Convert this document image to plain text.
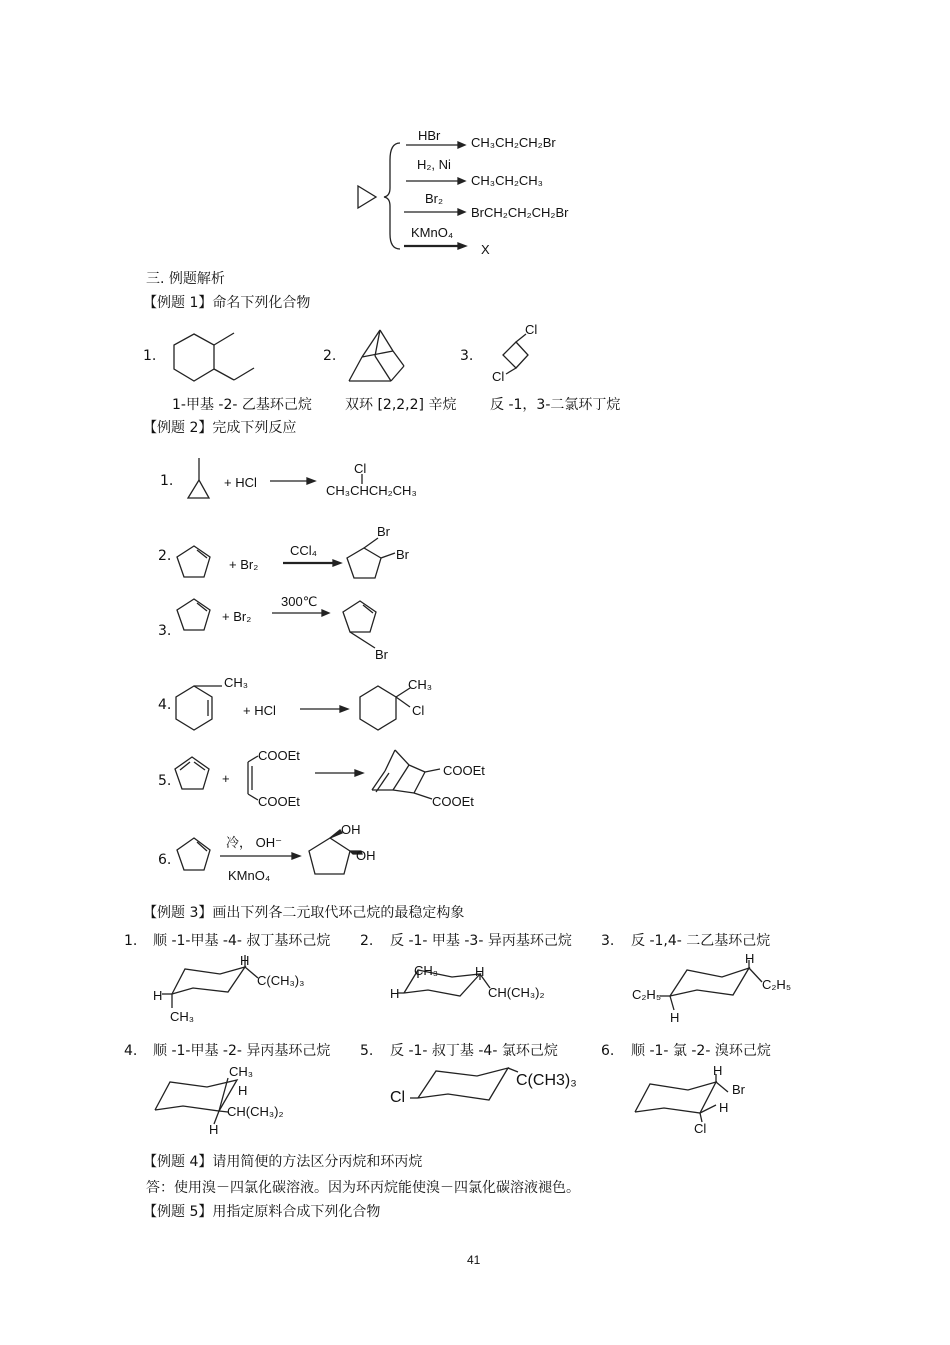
HBr CH₃CH₂CH₂Br
H₂, Ni
CH₃CH₂CH₃
Br₂
BrCH₂CH₂CH₂Br
KMnO₄
X
三. 例题解析
【例题 1】命名下列化合物
1.	2.	3.
Cl
Cl
1-甲基 -2- 乙基环己烷 双环 [2,2,2] 辛烷 反 -1，3-二氯环丁烷
【例题 2】完成下列反应
1.	+ HCl
Cl
CH₃CHCH₂CH₃
2.
+ Br₂
CCl₄
Br
Br
3.
+ Br₂
300℃
Br
4.
CH₃
+ HCl
CH₃
Cl
5.	+
COOEt
COOEt
COOEt
COOEt
6.
冷， OH⁻
KMnO₄
OH
OH
【例题 3】画出下列各二元取代环己烷的最稳定构象
1. 顺 -1-甲基 -4- 叔丁基环己烷 2. 反 -1- 甲基 -3- 异丙基环己烷 3. 反 -1,4- 二乙基环己烷
H
C(CH₃)₃
H
CH₃
CH₃	H
H	CH(CH₃)₂
H
C₂H₅
C₂H₅
H
4. 顺 -1-甲基 -2- 异丙基环己烷 5. 反 -1- 叔丁基 -4- 氯环己烷	6. 顺 -1- 氯 -2- 溴环己烷
CH₃
H
CH(CH₃)₂
H
Cl
C(CH3)₃
H
Br
H
Cl
【例题 4】请用简便的方法区分丙烷和环丙烷
答：使用溴－四氯化碳溶液。因为环丙烷能使溴－四氯化碳溶液褪色。
【例题 5】用指定原料合成下列化合物
41
